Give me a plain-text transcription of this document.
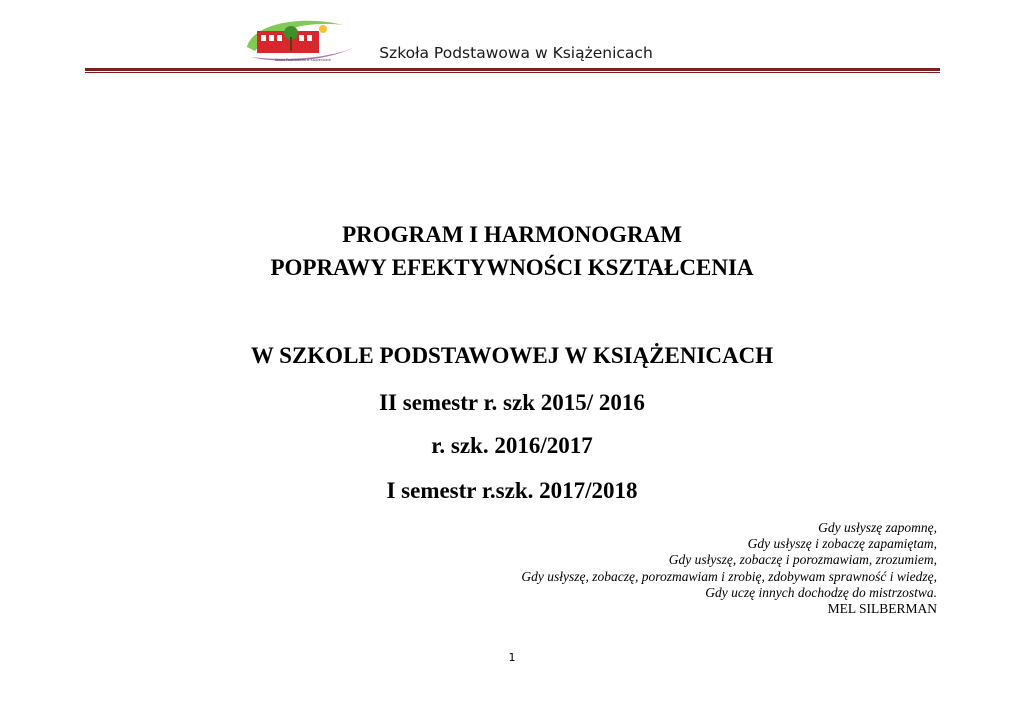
Szkoła Podstawowa w Książenicach	Szkoła Podstawowa w Książenicach
PROGRAM I HARMONOGRAM
POPRAWY EFEKTYWNOŚCI KSZTAŁCENIA
W SZKOLE PODSTAWOWEJ W KSIĄŻENICACH
II semestr r. szk 2015/ 2016
r. szk. 2016/2017
I semestr r.szk. 2017/2018
Gdy usłyszę zapomnę,
Gdy usłyszę i zobaczę zapamiętam,
Gdy usłyszę, zobaczę i porozmawiam, zrozumiem,
Gdy usłyszę, zobaczę, porozmawiam i zrobię, zdobywam sprawność i wiedzę,
Gdy uczę innych dochodzę do mistrzostwa.
MEL SILBERMAN
1
